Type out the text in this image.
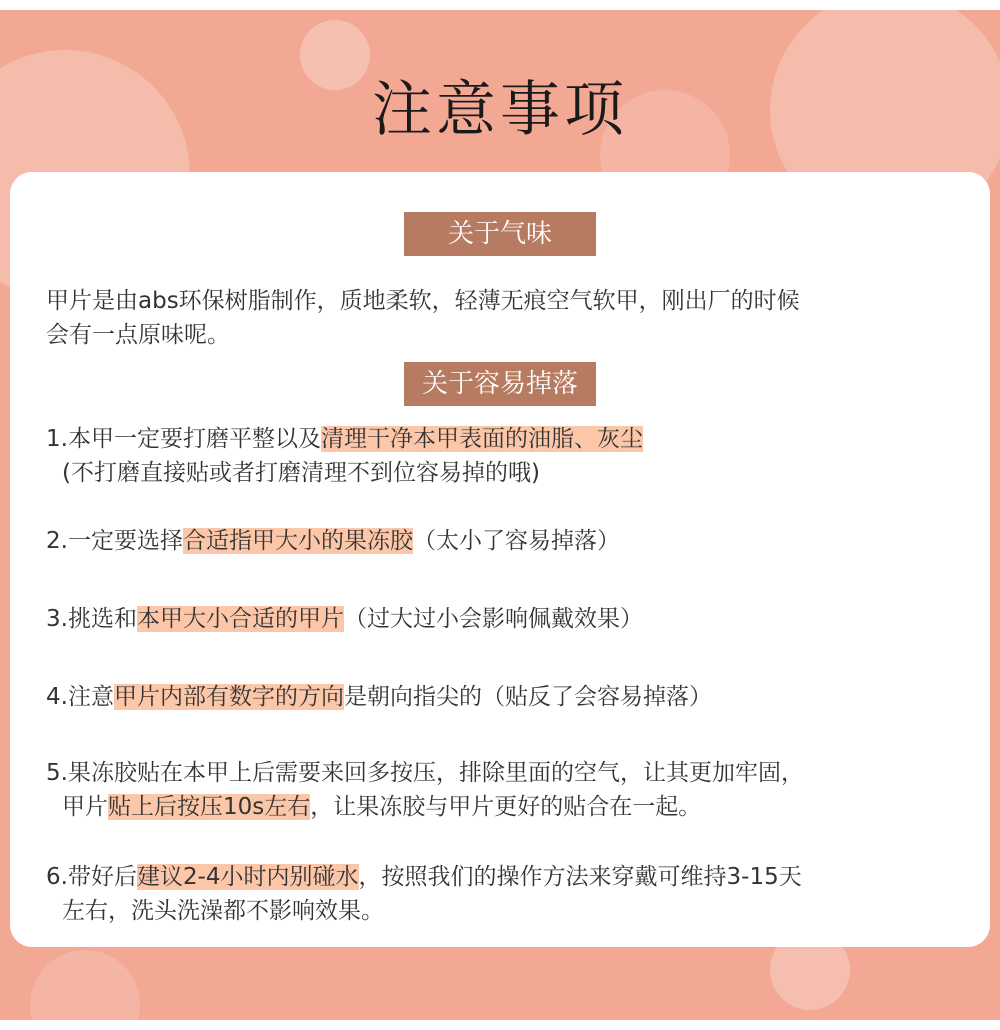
注意事项
关于气味
甲片是由abs环保树脂制作，质地柔软，轻薄无痕空气软甲，刚出厂的时候
会有一点原味呢。
关于容易掉落
1.本甲一定要打磨平整以及清理干净本甲表面的油脂、灰尘
(不打磨直接贴或者打磨清理不到位容易掉的哦)
2.一定要选择合适指甲大小的果冻胶（太小了容易掉落）
3.挑选和本甲大小合适的甲片（过大过小会影响佩戴效果）
4.注意甲片内部有数字的方向是朝向指尖的（贴反了会容易掉落）
5.果冻胶贴在本甲上后需要来回多按压，排除里面的空气，让其更加牢固，
甲片贴上后按压10s左右，让果冻胶与甲片更好的贴合在一起。
6.带好后建议2-4小时内别碰水，按照我们的操作方法来穿戴可维持3-15天
左右，洗头洗澡都不影响效果。
